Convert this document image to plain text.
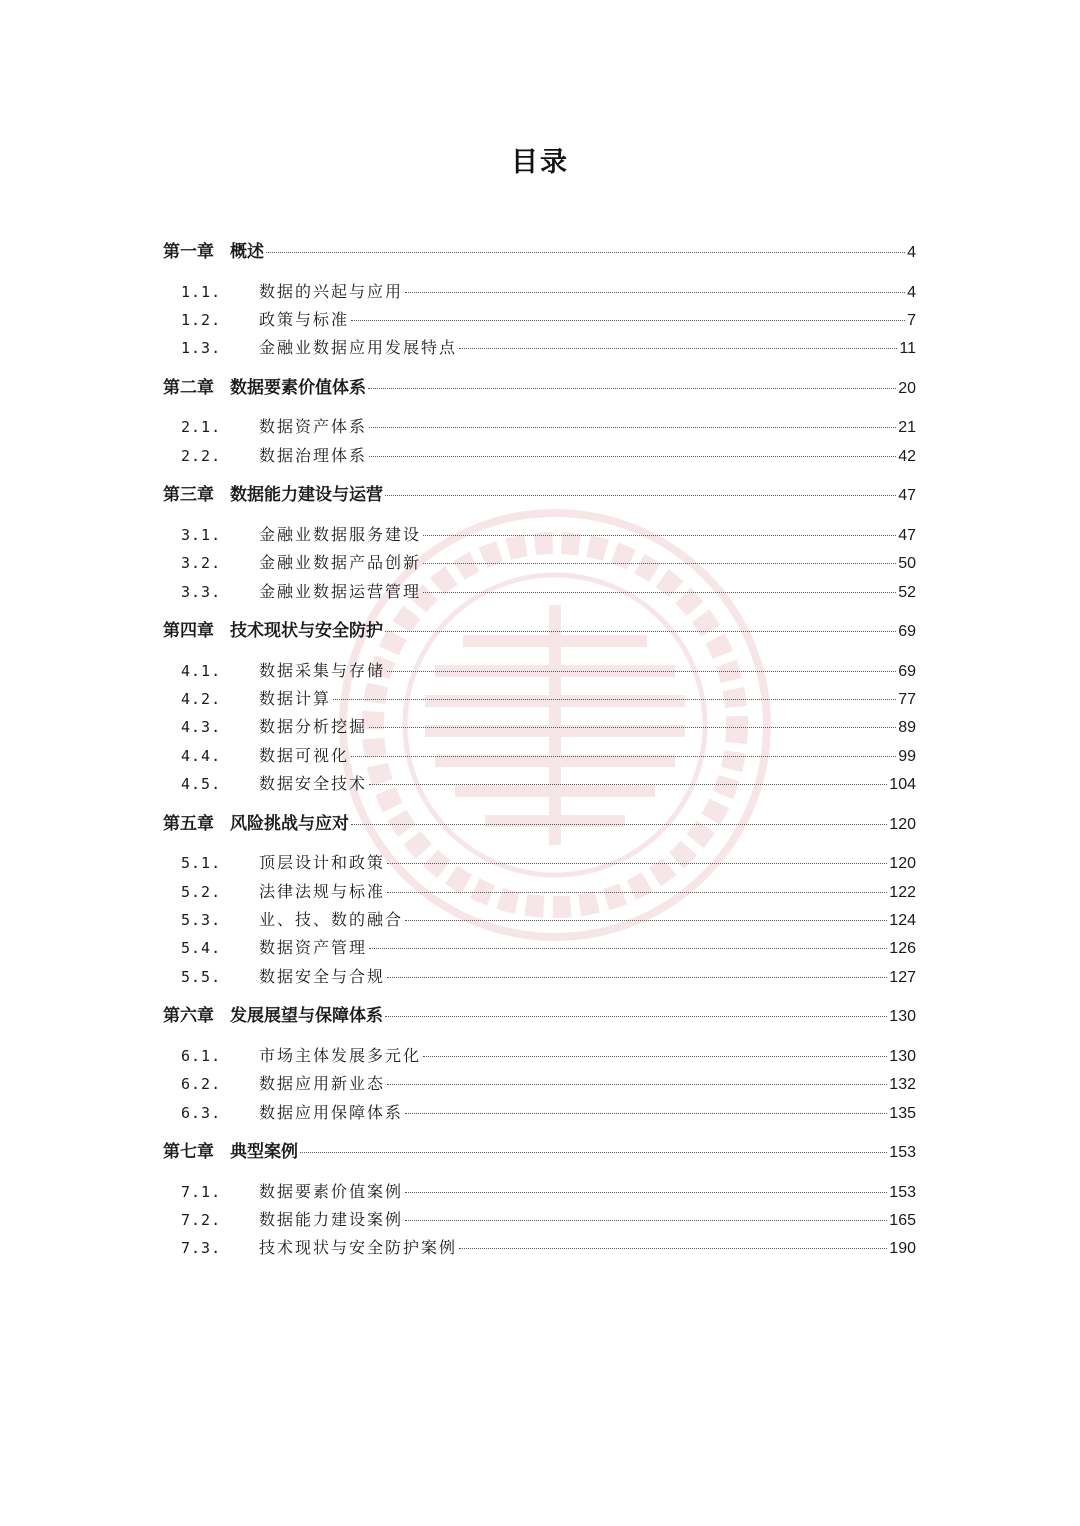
目录
第一章 概述	4
1.1.	数据的兴起与应用	4
1.2.	政策与标准	7
1.3.	金融业数据应用发展特点	11
第二章 数据要素价值体系	20
2.1.	数据资产体系	21
2.2.	数据治理体系	42
第三章 数据能力建设与运营	47
3.1.	金融业数据服务建设	47
3.2.	金融业数据产品创新	50
3.3.	金融业数据运营管理	52
第四章 技术现状与安全防护	69
4.1.	数据采集与存储	69
4.2.	数据计算	77
4.3.	数据分析挖掘	89
4.4.	数据可视化	99
4.5.	数据安全技术	104
第五章 风险挑战与应对	120
5.1.	顶层设计和政策	120
5.2.	法律法规与标准	122
5.3.	业、技、数的融合	124
5.4.	数据资产管理	126
5.5.	数据安全与合规	127
第六章 发展展望与保障体系	130
6.1.	市场主体发展多元化	130
6.2.	数据应用新业态	132
6.3.	数据应用保障体系	135
第七章 典型案例	153
7.1.	数据要素价值案例	153
7.2.	数据能力建设案例	165
7.3.	技术现状与安全防护案例	190
